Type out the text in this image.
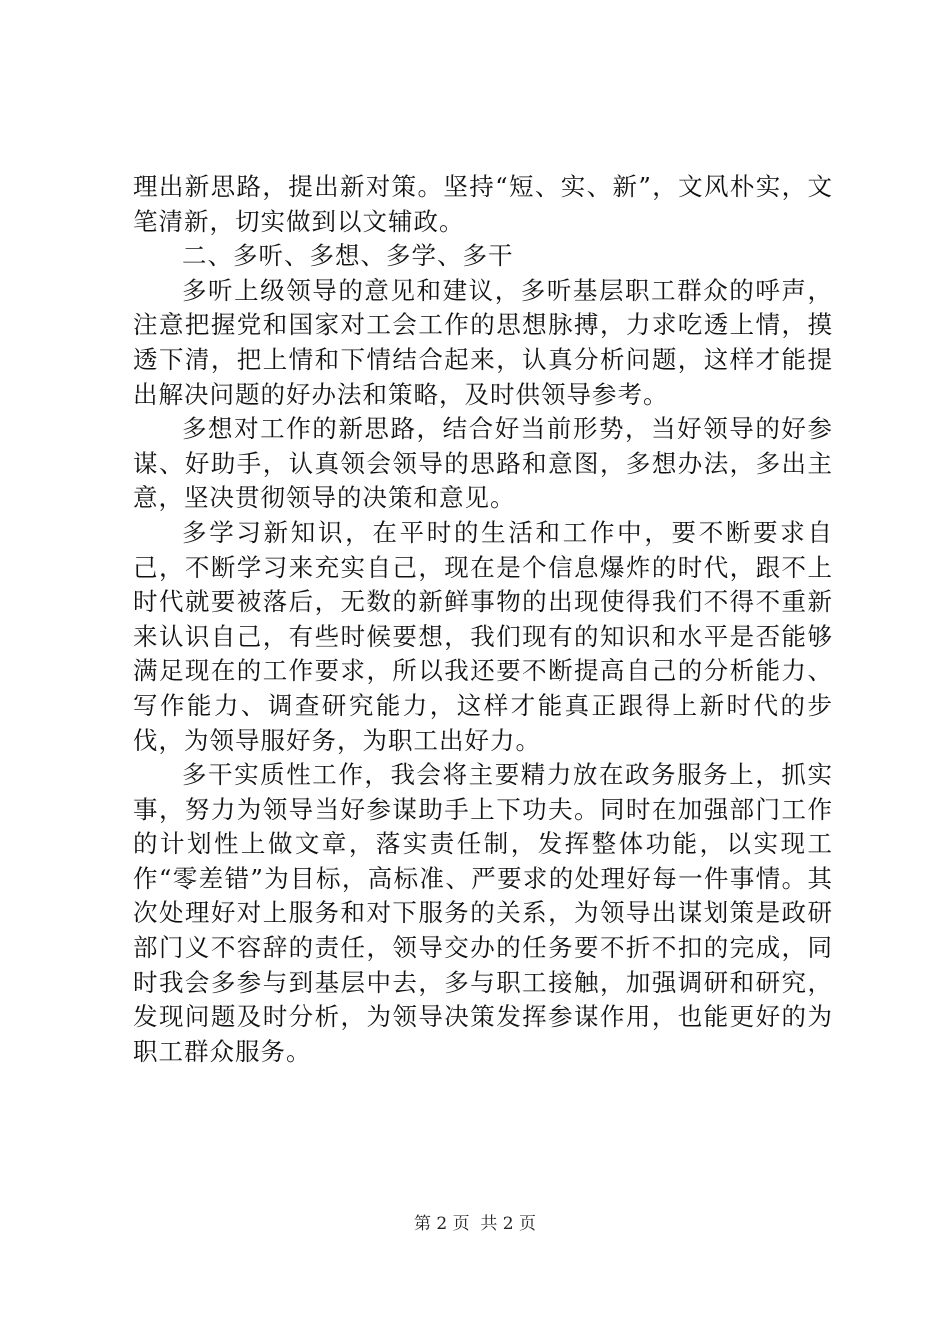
理出新思路，提出新对策。坚持“短、实、新”，文风朴实，文笔清新，切实做到以文辅政。

二、多听、多想、多学、多干

多听上级领导的意见和建议，多听基层职工群众的呼声，注意把握党和国家对工会工作的思想脉搏，力求吃透上情，摸透下清，把上情和下情结合起来，认真分析问题，这样才能提出解决问题的好办法和策略，及时供领导参考。

多想对工作的新思路，结合好当前形势，当好领导的好参谋、好助手，认真领会领导的思路和意图，多想办法，多出主意，坚决贯彻领导的决策和意见。

多学习新知识，在平时的生活和工作中，要不断要求自己，不断学习来充实自己，现在是个信息爆炸的时代，跟不上时代就要被落后，无数的新鲜事物的出现使得我们不得不重新来认识自己，有些时候要想，我们现有的知识和水平是否能够满足现在的工作要求，所以我还要不断提高自己的分析能力、写作能力、调查研究能力，这样才能真正跟得上新时代的步伐，为领导服好务，为职工出好力。

多干实质性工作，我会将主要精力放在政务服务上，抓实事，努力为领导当好参谋助手上下功夫。同时在加强部门工作的计划性上做文章，落实责任制，发挥整体功能，以实现工作“零差错”为目标，高标准、严要求的处理好每一件事情。其次处理好对上服务和对下服务的关系，为领导出谋划策是政研部门义不容辞的责任，领导交办的任务要不折不扣的完成，同时我会多参与到基层中去，多与职工接触，加强调研和研究，发现问题及时分析，为领导决策发挥参谋作用，也能更好的为职工群众服务。

第 2 页  共 2 页
